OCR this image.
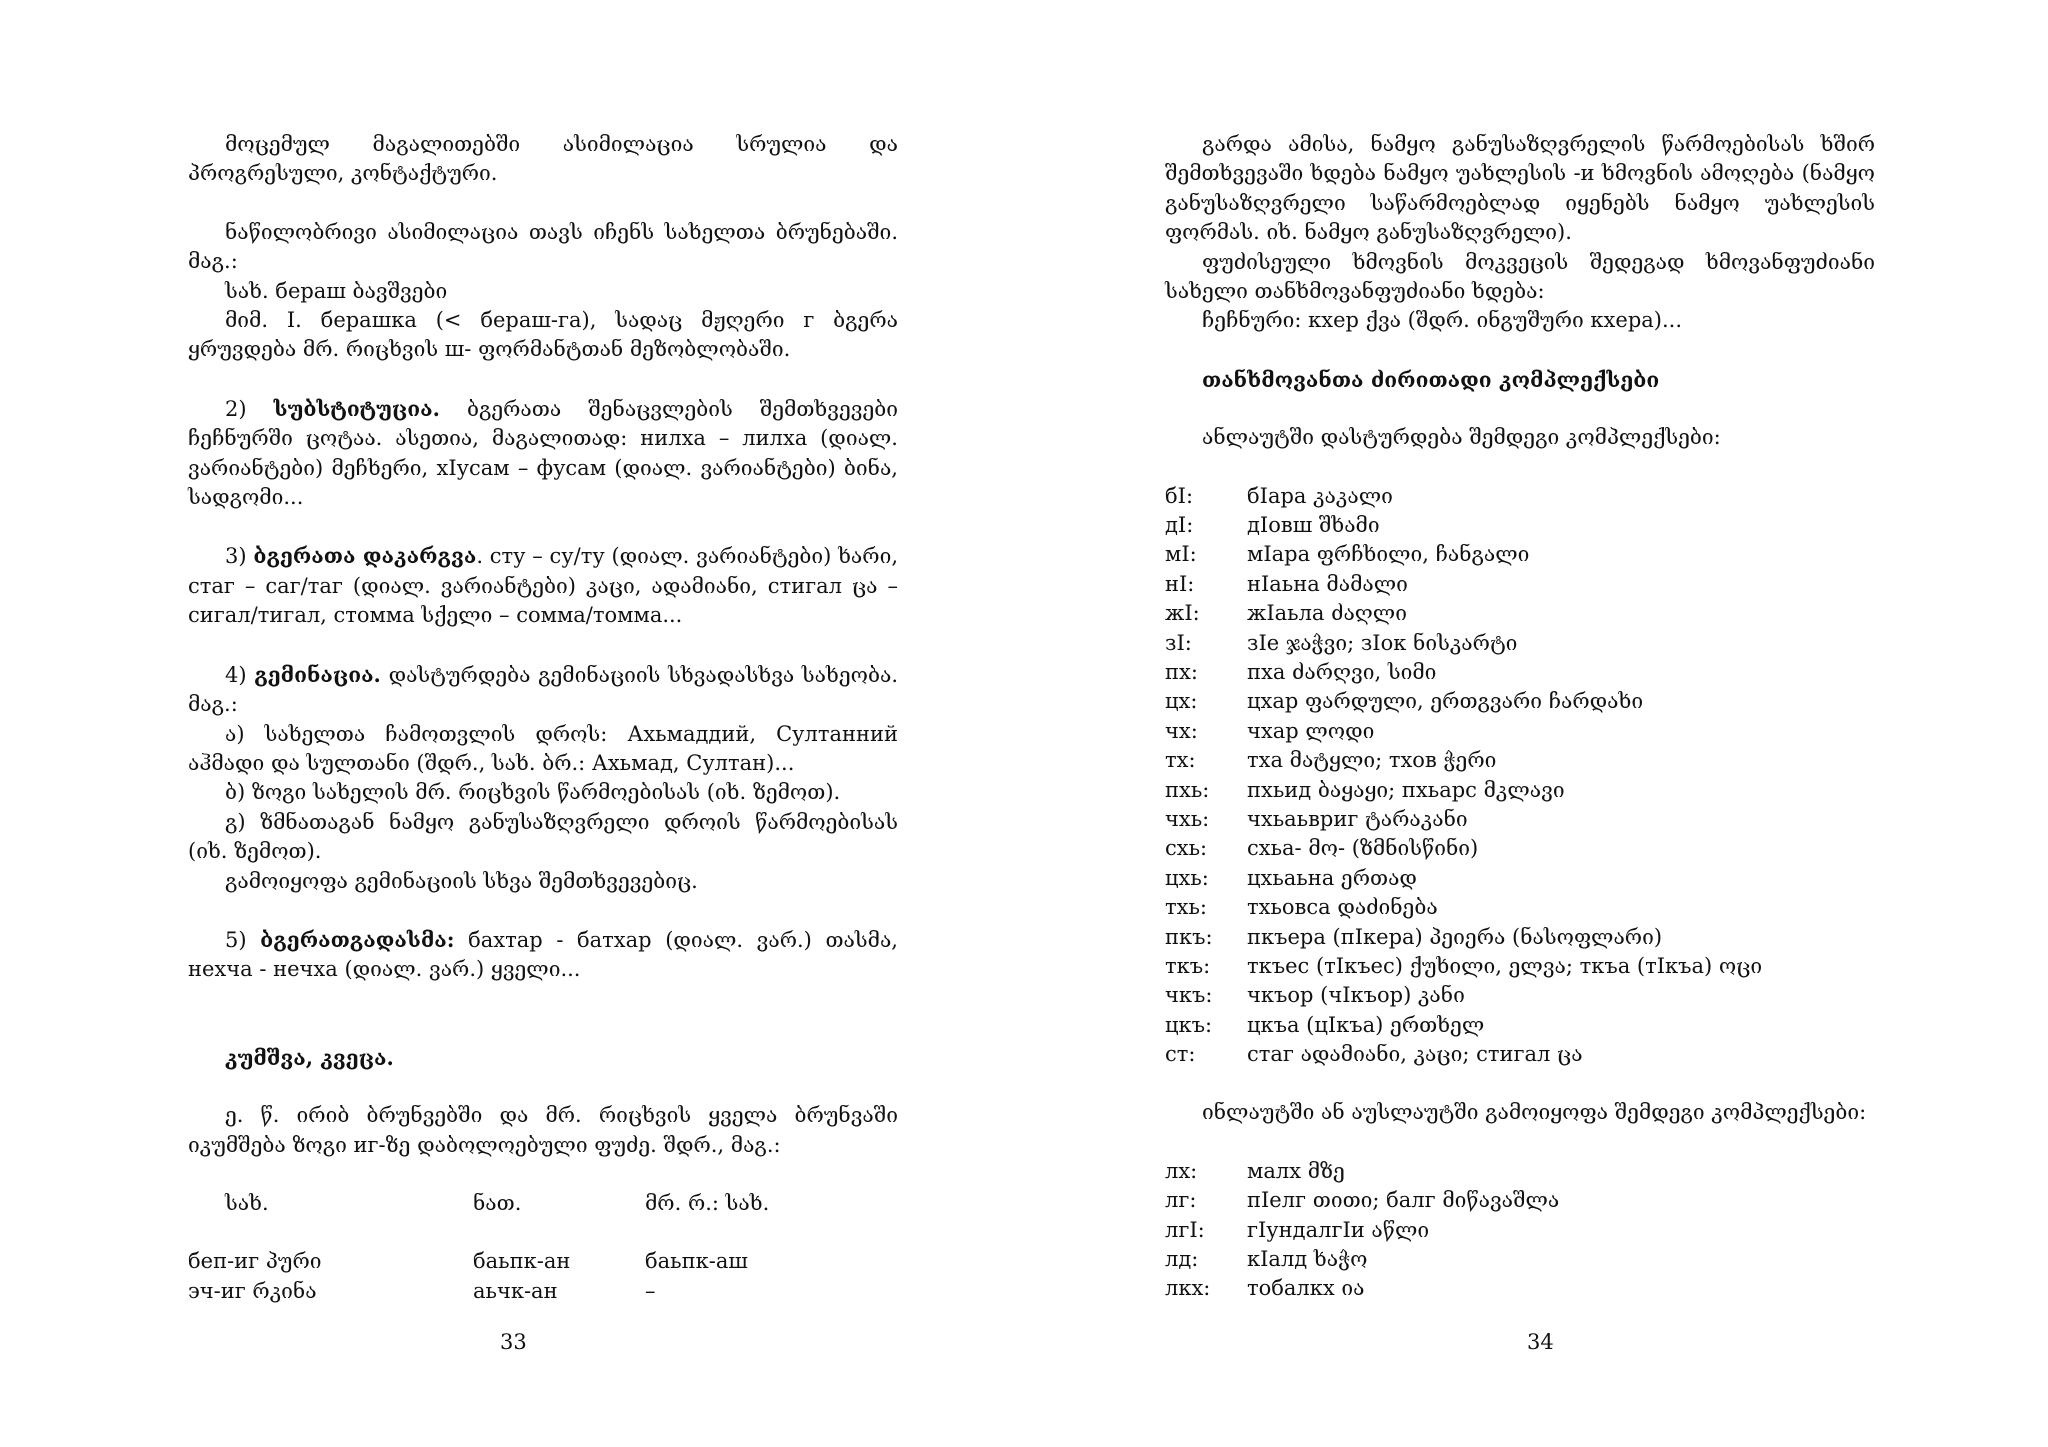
მოცემულ მაგალითებში ასიმილაცია სრულია და პროგრესული, კონტაქტური.

ნაწილობრივი ასიმილაცია თავს იჩენს სახელთა ბრუნებაში. მაგ.:

სახ. бераш ბავშვები

მიმ. I. берашка (< бераш-га), სადაც მჟღერი г ბგერა ყრუვდება მრ. რიცხვის ш- ფორმანტთან მეზობლობაში.

2) სუბსტიტუცია. ბგერათა შენაცვლების შემთხვევები ჩეჩნურში ცოტაა. ასეთია, მაგალითად: нилха – лилха (დიალ. ვარიანტები) მეჩხერი, хIусам – фусам (დიალ. ვარიანტები) ბინა, სადგომი...

3) ბგერათა დაკარგვა. сту – су/ту (დიალ. ვარიანტები) ხარი, стаг – саг/таг (დიალ. ვარიანტები) კაცი, ადამიანი, стигал ცა – сигал/тигал, стомма სქელი – сомма/томма...

4) გემინაცია. დასტურდება გემინაციის სხვადასხვა სახეობა. მაგ.:

ა) სახელთა ჩამოთვლის დროს: Ахьмаддий, Султанний აჰმადი და სულთანი (შდრ., სახ. ბრ.: Ахьмад, Султан)...

ბ) ზოგი სახელის მრ. რიცხვის წარმოებისას (იხ. ზემოთ).

გ) ზმნათაგან ნამყო განუსაზღვრელი დროის წარმოებისას (იხ. ზემოთ).

გამოიყოფა გემინაციის სხვა შემთხვევებიც.

5) ბგერათგადასმა: бахтар - батхар (დიალ. ვარ.) თასმა, нехча - нечха (დიალ. ვარ.) ყველი...

კუმშვა, კვეცა.

ე. წ. ირიბ ბრუნვებში და მრ. რიცხვის ყველა ბრუნვაში იკუმშება ზოგი иг-ზე დაბოლოებული ფუძე. შდრ., მაგ.:

სახ.	ნათ.	მრ. რ.: სახ.
беп-иг პური	баьпк-ан	баьпк-аш
эч-иг რკინა	аьчк-ан	–
33

გარდა ამისა, ნამყო განუსაზღვრელის წარმოებისას ხშირ შემთხვევაში ხდება ნამყო უახლესის -и ხმოვნის ამოღება (ნამყო განუსაზღვრელი საწარმოებლად იყენებს ნამყო უახლესის ფორმას. იხ. ნამყო განუსაზღვრელი).

ფუძისეული ხმოვნის მოკვეცის შედეგად ხმოვანფუძიანი სახელი თანხმოვანფუძიანი ხდება:

ჩეჩნური: кхер ქვა (შდრ. ინგუშური кхера)...

თანხმოვანთა ძირითადი კომპლექსები

ანლაუტში დასტურდება შემდეგი კომპლექსები:

бI:	бIара კაკალი
дI:	дIовш შხამი
мI:	мIара ფრჩხილი, ჩანგალი
нI:	нIаьна მამალი
жI:	жIаьла ძაღლი
зI:	зIе ჯაჭვი; зIок ნისკარტი
пх:	пха ძარღვი, სიმი
цх:	цхар ფარდული, ერთგვარი ჩარდახი
чх:	чхар ლოდი
тх:	тха მატყლი; тхов ჭერი
пхь:	пхьид ბაყაყი; пхьарс მკლავი
чхь:	чхьаьвриг ტარაკანი
схь:	схьа- მო- (ზმნისწინი)
цхь:	цхьаьна ერთად
тхь:	тхьовса დაძინება
пкъ:	пкъера (пIкера) პეიერა (ნასოფლარი)
ткъ:	ткъес (тIкъес) ქუხილი, ელვა; ткъа (тIкъа) ოცი
чкъ:	чкъор (чIкъор) კანი
цкъ:	цкъа (цIкъа) ერთხელ
ст:	стаг ადამიანი, კაცი; стигал ცა

ინლაუტში ან აუსლაუტში გამოიყოფა შემდეგი კომპლექსები:

лх:	малх მზე
лг:	пIелг თითი; балг მიწავაშლა
лгI:	гIундалгIи აწლი
лд:	кIалд ხაჭო
лкх:	тобалкх ია
34
